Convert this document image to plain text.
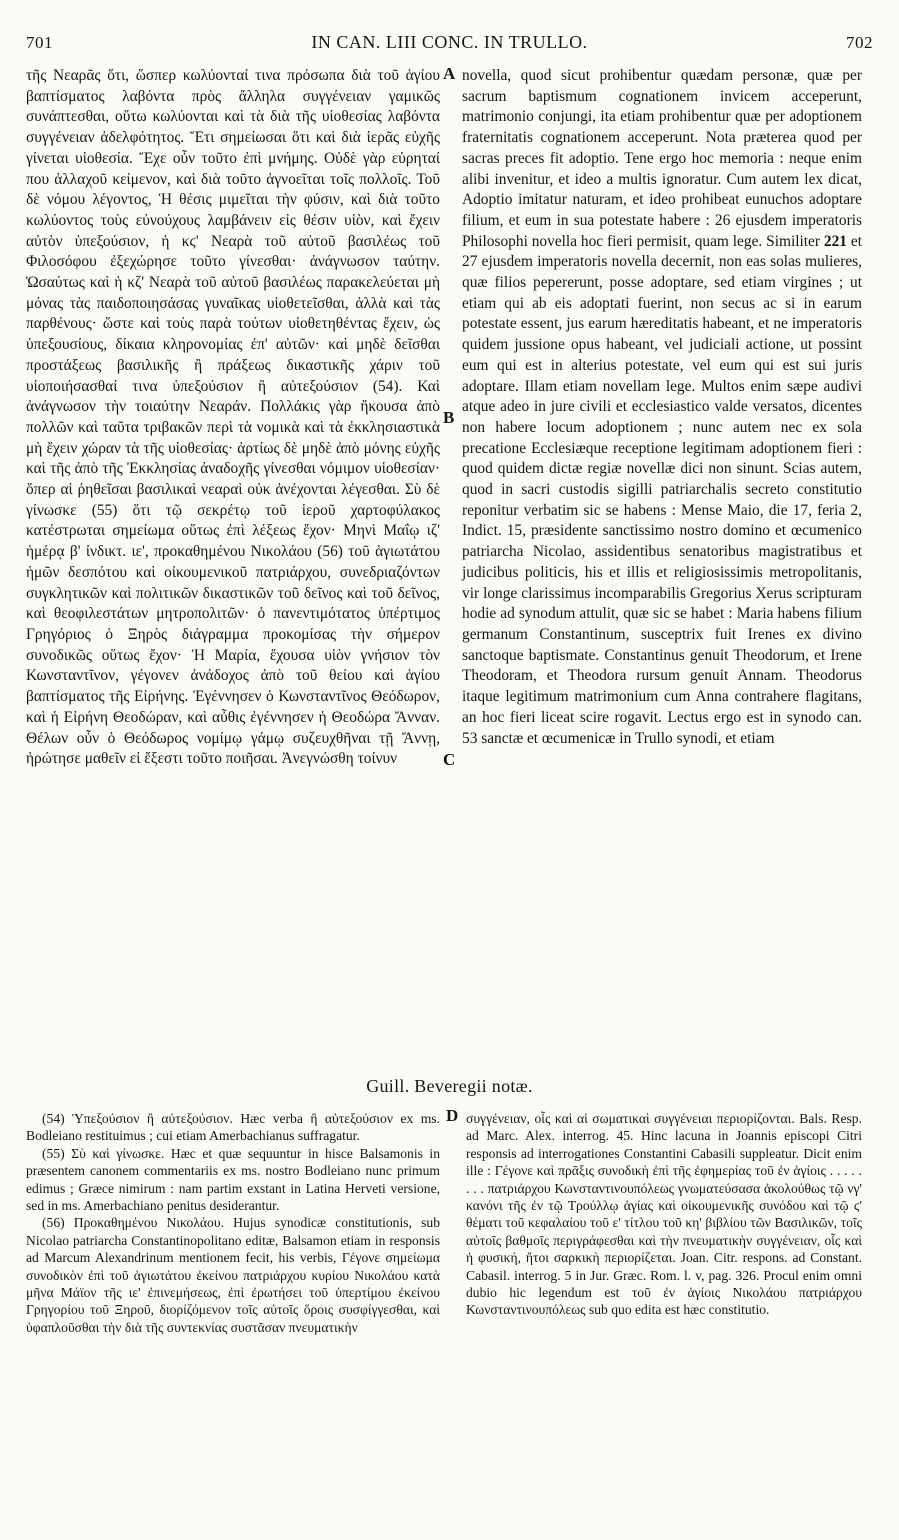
701	IN CAN. LIII CONC. IN TRULLO.	702

τῆς Νεαρᾶς ὅτι, ὥσπερ κωλύονταί τινα πρόσωπα διὰ τοῦ ἁγίου βαπτίσματος λαβόντα πρὸς ἄλληλα συγγένειαν γαμικῶς συνάπτεσθαι, οὕτω κωλύονται καὶ τὰ διὰ τῆς υἱοθεσίας λαβόντα συγγένειαν ἀδελφότητος. Ἔτι σημείωσαι ὅτι καὶ διὰ ἱερᾶς εὐχῆς γίνεται υἱοθεσία. Ἔχε οὖν τοῦτο ἐπὶ μνήμης. Οὐδὲ γὰρ εὑρηταί που ἀλλαχοῦ κείμενον, καὶ διὰ τοῦτο ἀγνοεῖται τοῖς πολλοῖς. Τοῦ δὲ νόμου λέγοντος, Ἡ θέσις μιμεῖται τὴν φύσιν, καὶ διὰ τοῦτο κωλύοντος τοὺς εὐνούχους λαμβάνειν εἰς θέσιν υἱὸν, καὶ ἔχειν αὐτὸν ὑπεξούσιον, ἡ κϛ' Νεαρὰ τοῦ αὐτοῦ βασιλέως τοῦ Φιλοσόφου ἐξεχώρησε τοῦτο γίνεσθαι· ἀνάγνωσον ταύτην. Ὡσαύτως καὶ ἡ κζ' Νεαρὰ τοῦ αὐτοῦ βασιλέως παρακελεύεται μὴ μόνας τὰς παιδοποιησάσας γυναῖκας υἱοθετεῖσθαι, ἀλλὰ καὶ τὰς παρθένους· ὥστε καὶ τοὺς παρὰ τούτων υἱοθετηθέντας ἔχειν, ὡς ὑπεξουσίους, δίκαια κληρονομίας ἐπ' αὐτῶν· καὶ μηδὲ δεῖσθαι προστάξεως βασιλικῆς ἢ πράξεως δικαστικῆς χάριν τοῦ υἱοποιήσασθαί τινα ὑπεξούσιον ἢ αὐτεξούσιον (54). Καὶ ἀνάγνωσον τὴν τοιαύτην Νεαράν. Πολλάκις γὰρ ἤκουσα ἀπὸ πολλῶν καὶ ταῦτα τριβακῶν περὶ τὰ νομικὰ καὶ τὰ ἐκκλησιαστικὰ μὴ ἔχειν χώραν τὰ τῆς υἱοθεσίας· ἀρτίως δὲ μηδὲ ἀπὸ μόνης εὐχῆς καὶ τῆς ἀπὸ τῆς Ἐκκλησίας ἀναδοχῆς γίνεσθαι νόμιμον υἱοθεσίαν· ὅπερ αἱ ῥηθεῖσαι βασιλικαὶ νεαραὶ οὐκ ἀνέχονται λέγεσθαι. Σὺ δὲ γίνωσκε (55) ὅτι τῷ σεκρέτῳ τοῦ ἱεροῦ χαρτοφύλακος κατέστρωται σημείωμα οὕτως ἐπὶ λέξεως ἔχον· Μηνὶ Μαΐῳ ιζ' ἡμέρᾳ β' ἰνδικτ. ιε', προκαθημένου Νικολάου (56) τοῦ ἁγιωτάτου ἡμῶν δεσπότου καὶ οἰκουμενικοῦ πατριάρχου, συνεδριαζόντων συγκλητικῶν καὶ πολιτικῶν δικαστικῶν τοῦ δεῖνος καὶ τοῦ δεῖνος, καὶ θεοφιλεστάτων μητροπολιτῶν· ὁ πανεντιμότατος ὑπέρτιμος Γρηγόριος ὁ Ξηρὸς διάγραμμα προκομίσας τὴν σήμερον συνοδικῶς οὕτως ἔχον· Ἡ Μαρία, ἔχουσα υἱὸν γνήσιον τὸν Κωνσταντῖνον, γέγονεν ἀνάδοχος ἀπὸ τοῦ θείου καὶ ἁγίου βαπτίσματος τῆς Εἰρήνης. Ἐγέννησεν ὁ Κωνσταντῖνος Θεόδωρον, καὶ ἡ Εἰρήνη Θεοδώραν, καὶ αὖθις ἐγέννησεν ἡ Θεοδώρα Ἄνναν. Θέλων οὖν ὁ Θεόδωρος νομίμῳ γάμῳ συζευχθῆναι τῇ Ἄννῃ, ἠρώτησε μαθεῖν εἰ ἔξεστι τοῦτο ποιῆσαι. Ἀνεγνώσθη τοίνυν

novella, quod sicut prohibentur quædam personæ, quæ per sacrum baptismum cognationem invicem acceperunt, matrimonio conjungi, ita etiam prohibentur quæ per adoptionem fraternitatis cognationem acceperunt. Nota præterea quod per sacras preces fit adoptio. Tene ergo hoc memoria : neque enim alibi invenitur, et ideo a multis ignoratur. Cum autem lex dicat, Adoptio imitatur naturam, et ideo prohibeat eunuchos adoptare filium, et eum in sua potestate habere : 26 ejusdem imperatoris Philosophi novella hoc fieri permisit, quam lege. Similiter 221 et 27 ejusdem imperatoris novella decernit, non eas solas mulieres, quæ filios pepererunt, posse adoptare, sed etiam virgines ; ut etiam qui ab eis adoptati fuerint, non secus ac si in earum potestate essent, jus earum hæreditatis habeant, et ne imperatoris quidem jussione opus habeant, vel judiciali actione, ut possint eum qui est in alterius potestate, vel eum qui est sui juris adoptare. Illam etiam novellam lege. Multos enim sæpe audivi atque adeo in jure civili et ecclesiastico valde versatos, dicentes non habere locum adoptionem ; nunc autem nec ex sola precatione Ecclesiæque receptione legitimam adoptionem fieri : quod quidem dictæ regiæ novellæ dici non sinunt. Scias autem, quod in sacri custodis sigilli patriarchalis secreto constitutio reponitur verbatim sic se habens : Mense Maio, die 17, feria 2, Indict. 15, præsidente sanctissimo nostro domino et œcumenico patriarcha Nicolao, assidentibus senatoribus magistratibus et judicibus politicis, his et illis et religiosissimis metropolitanis, vir longe clarissimus incomparabilis Gregorius Xerus scripturam hodie ad synodum attulit, quæ sic se habet : Maria habens filium germanum Constantinum, susceptrix fuit Irenes ex divino sanctoque baptismate. Constantinus genuit Theodorum, et Irene Theodoram, et Theodora rursum genuit Annam. Theodorus itaque legitimum matrimonium cum Anna contrahere flagitans, an hoc fieri liceat scire rogavit. Lectus ergo est in synodo can. 53 sanctæ et œcumenicæ in Trullo synodi, et etiam

A
B
C
D
Guill. Beveregii notæ.

(54) Ὑπεξούσιον ἢ αὐτεξούσιον. Hæc verba ἢ αὐτεξούσιον ex ms. Bodleiano restituimus ; cui etiam Amerbachianus suffragatur.

(55) Σὺ καὶ γίνωσκε. Hæc et quæ sequuntur in hisce Balsamonis in præsentem canonem commentariis ex ms. nostro Bodleiano nunc primum edimus ; Græce nimirum : nam partim exstant in Latina Herveti versione, sed in ms. Amerbachiano penitus desiderantur.

(56) Προκαθημένου Νικολάου. Hujus synodicæ constitutionis, sub Nicolao patriarcha Constantinopolitano editæ, Balsamon etiam in responsis ad Marcum Alexandrinum mentionem fecit, his verbis, Γέγονε σημείωμα συνοδικὸν ἐπὶ τοῦ ἁγιωτάτου ἐκείνου πατριάρχου κυρίου Νικολάου κατὰ μῆνα Μάϊον τῆς ιε' ἐπινεμήσεως, ἐπὶ ἐρωτήσει τοῦ ὑπερτίμου ἐκείνου Γρηγορίου τοῦ Ξηροῦ, διορίζόμενον τοῖς αὐτοῖς ὅροις συσφίγγεσθαι, καὶ ὑφαπλοῦσθαι τὴν διὰ τῆς συντεκνίας συστᾶσαν πνευματικὴν

συγγένειαν, οἷς καὶ αἱ σωματικαὶ συγγένειαι περιορίζονται. Bals. Resp. ad Marc. Alex. interrog. 45. Hinc lacuna in Joannis episcopi Citri responsis ad interrogationes Constantini Cabasili suppleatur. Dicit enim ille : Γέγονε καὶ πρᾶξις συνοδικὴ ἐπὶ τῆς ἐφημερίας τοῦ ἐν ἁγίοις . . . . . . . . πατριάρχου Κωνσταντινουπόλεως γνωματεύσασα ἀκολούθως τῷ νγ' κανόνι τῆς ἐν τῷ Τρούλλῳ ἁγίας καὶ οἰκουμενικῆς συνόδου καὶ τῷ ϛ' θέματι τοῦ κεφαλαίου τοῦ ε' τίτλου τοῦ κη' βιβλίου τῶν Βασιλικῶν, τοῖς αὐτοῖς βαθμοῖς περιγράφεσθαι καὶ τὴν πνευματικὴν συγγένειαν, οἷς καὶ ἡ φυσική, ἤτοι σαρκικὴ περιορίζεται. Joan. Citr. respons. ad Constant. Cabasil. interrog. 5 in Jur. Græc. Rom. l. v, pag. 326. Procul enim omni dubio hic legendum est τοῦ ἐν ἁγίοις Νικολάου πατριάρχου Κωνσταντινουπόλεως sub quo edita est hæc constitutio.
